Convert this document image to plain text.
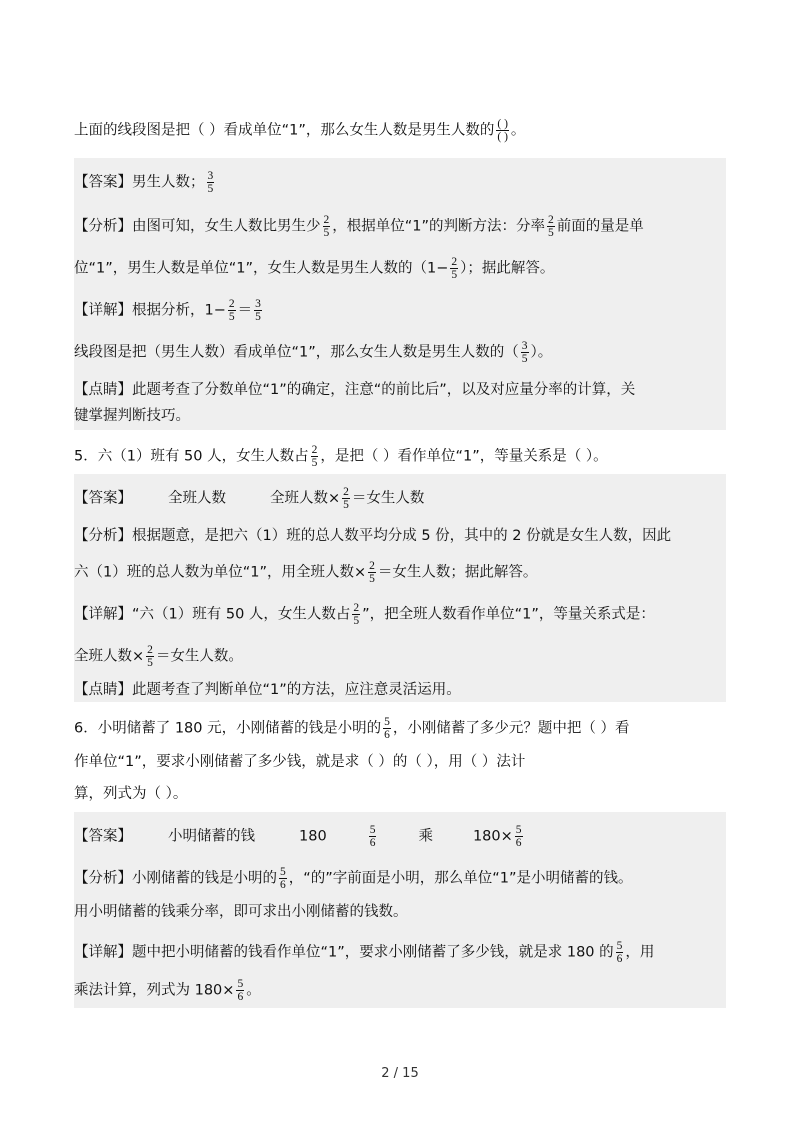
上面的线段图是把（ ）看成单位“1”，那么女生人数是男生人数的 $\frac{( )}{( )}$ 。
【答案】男生人数； $\frac{3}{5}$
【分析】由图可知，女生人数比男生少 $\frac{2}{5}$ ，根据单位“1”的判断方法：分率 $\frac{2}{5}$ 前面的量是单
位“1”，男生人数是单位“1”，女生人数是男生人数的（$1- \frac{2}{5}$ ）；据此解答。
【详解】根据分析，$1- \frac{2}{5} = \frac{3}{5}$
线段图是把（男生人数）看成单位“1”，那么女生人数是男生人数的（ $\frac{3}{5}$ ）。
【点睛】此题考查了分数单位“1”的确定，注意“的前比后”，以及对应量分率的计算，关
键掌握判断技巧。
5．六（1）班有 50 人，女生人数占 $\frac{2}{5}$ ，是把（ ）看作单位“1”，等量关系是（ ）。
【答案】 全班人数	全班人数× $\frac{2}{5}$ ＝女生人数
【分析】根据题意，是把六（1）班的总人数平均分成 5 份，其中的 2 份就是女生人数，因此
六（1）班的总人数为单位“1”，用全班人数× $\frac{2}{5}$ ＝女生人数；据此解答。
【详解】“六（1）班有 50 人，女生人数占 $\frac{2}{5}$ ”，把全班人数看作单位“1”，等量关系式是：
全班人数× $\frac{2}{5}$ ＝女生人数。
【点睛】此题考查了判断单位“1”的方法，应注意灵活运用。
6．小明储蓄了 180 元，小刚储蓄的钱是小明的 $\frac{5}{6}$ ，小刚储蓄了多少元？题中把（ ）看
作单位“1”，要求小刚储蓄了多少钱，就是求（ ）的（ ），用（ ）法计
算，列式为（ ）。
【答案】 小明储蓄的钱	180	$\frac{5}{6}$	乘	$180\times \frac{5}{6}$
【分析】小刚储蓄的钱是小明的 $\frac{5}{6}$ ，“的”字前面是小明，那么单位“1”是小明储蓄的钱。
用小明储蓄的钱乘分率，即可求出小刚储蓄的钱数。
【详解】题中把小明储蓄的钱看作单位“1”，要求小刚储蓄了多少钱，就是求 180 的 $\frac{5}{6}$ ，用
乘法计算，列式为 $180\times \frac{5}{6}$ 。
2 / 15
